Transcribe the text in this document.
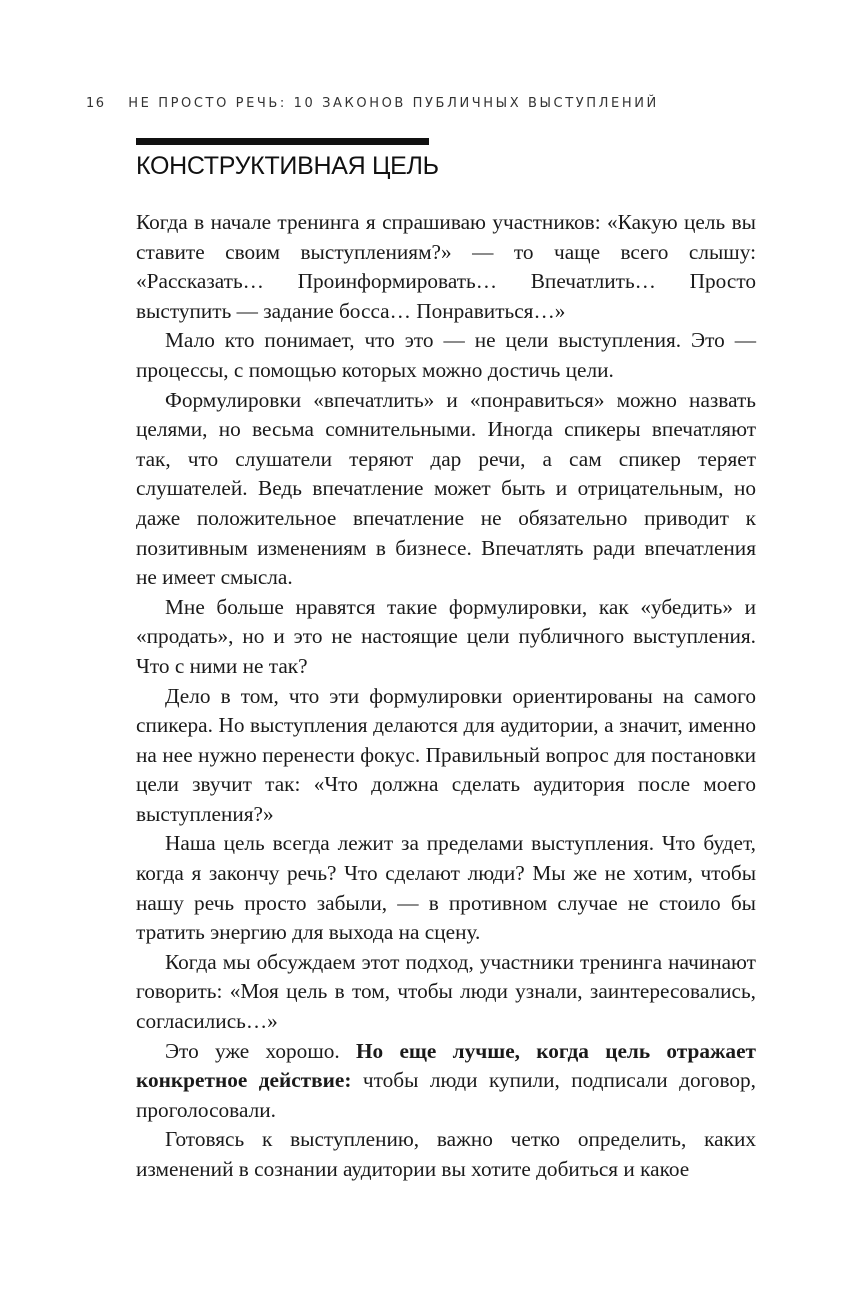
16 НЕ ПРОСТО РЕЧЬ: 10 ЗАКОНОВ ПУБЛИЧНЫХ ВЫСТУПЛЕНИЙ
КОНСТРУКТИВНАЯ ЦЕЛЬ

Когда в начале тренинга я спрашиваю участников: «Какую цель вы ставите своим выступлениям?» — то чаще всего слышу: «Рассказать… Проинформировать… Впечатлить… Просто выступить — задание босса… Понравиться…»

Мало кто понимает, что это — не цели выступления. Это — процессы, с помощью которых можно достичь цели.

Формулировки «впечатлить» и «понравиться» можно назвать целями, но весьма сомнительными. Иногда спикеры впечатляют так, что слушатели теряют дар речи, а сам спикер теряет слушателей. Ведь впечатление может быть и отрицательным, но даже положительное впечатление не обязательно приводит к позитивным изменениям в бизнесе. Впечатлять ради впечатления не имеет смысла.

Мне больше нравятся такие формулировки, как «убедить» и «продать», но и это не настоящие цели публичного выступления. Что с ними не так?

Дело в том, что эти формулировки ориентированы на самого спикера. Но выступления делаются для аудитории, а значит, именно на нее нужно перенести фокус. Правильный вопрос для постановки цели звучит так: «Что должна сделать аудитория после моего выступления?»

Наша цель всегда лежит за пределами выступления. Что будет, когда я закончу речь? Что сделают люди? Мы же не хотим, чтобы нашу речь просто забыли, — в противном случае не стоило бы тратить энергию для выхода на сцену.

Когда мы обсуждаем этот подход, участники тренинга начинают говорить: «Моя цель в том, чтобы люди узнали, заинтересовались, согласились…»

Это уже хорошо. Но еще лучше, когда цель отражает конкретное действие: чтобы люди купили, подписали договор, проголосовали.

Готовясь к выступлению, важно четко определить, каких изменений в сознании аудитории вы хотите добиться и какое
